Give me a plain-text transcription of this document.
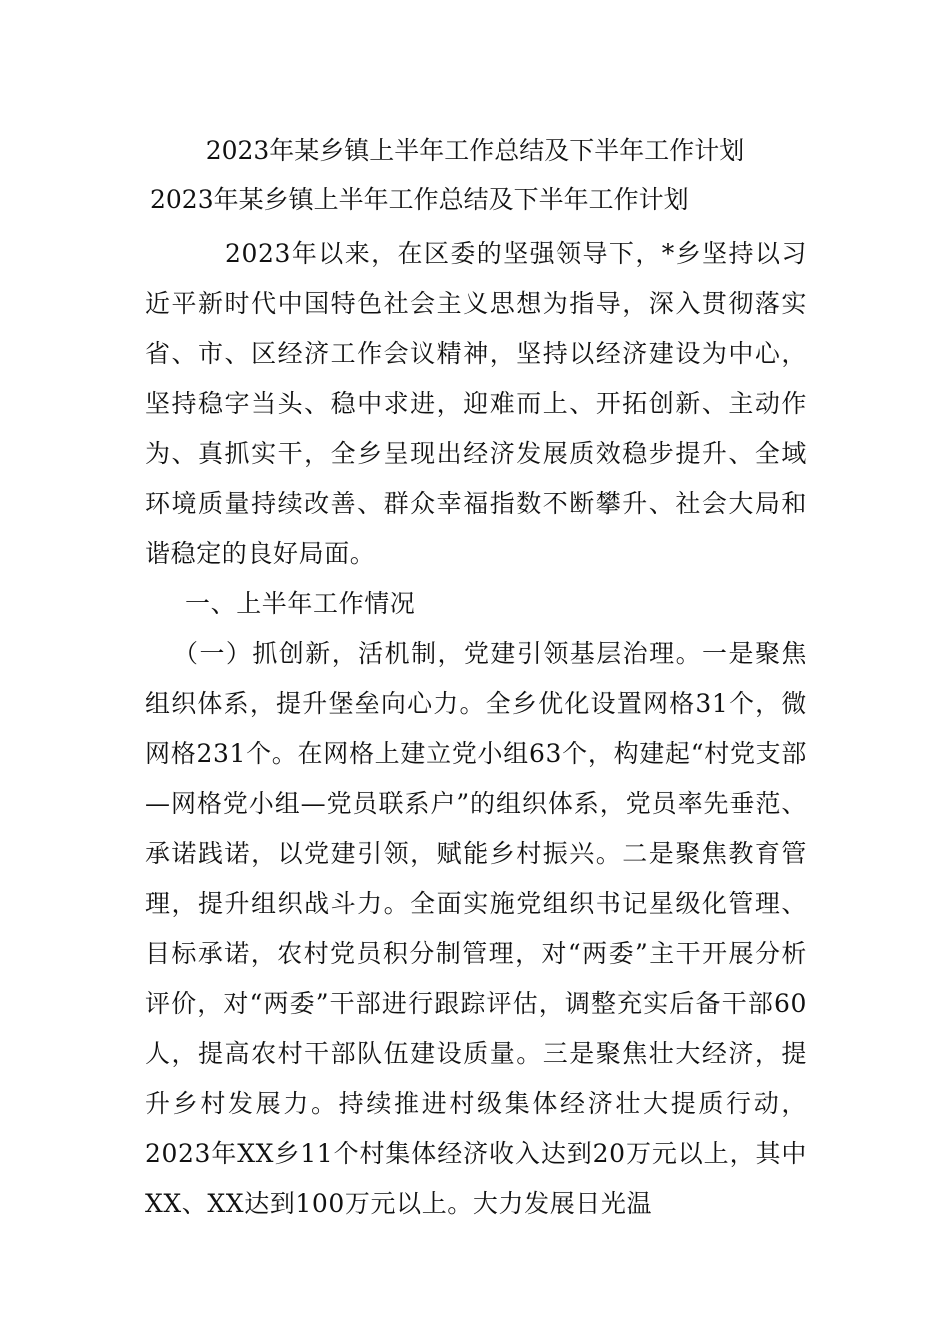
2023年某乡镇上半年工作总结及下半年工作计划
2023年某乡镇上半年工作总结及下半年工作计划

2023年以来，在区委的坚强领导下，*乡坚持以习近平新时代中国特色社会主义思想为指导，深入贯彻落实省、市、区经济工作会议精神，坚持以经济建设为中心，坚持稳字当头、稳中求进，迎难而上、开拓创新、主动作为、真抓实干，全乡呈现出经济发展质效稳步提升、全域环境质量持续改善、群众幸福指数不断攀升、社会大局和谐稳定的良好局面。

一、上半年工作情况

（一）抓创新，活机制，党建引领基层治理。一是聚焦组织体系，提升堡垒向心力。全乡优化设置网格31个，微网格231个。在网格上建立党小组63个，构建起“村党支部—网格党小组—党员联系户”的组织体系，党员率先垂范、承诺践诺，以党建引领，赋能乡村振兴。二是聚焦教育管理，提升组织战斗力。全面实施党组织书记星级化管理、目标承诺，农村党员积分制管理，对“两委”主干开展分析评价，对“两委”干部进行跟踪评估，调整充实后备干部60人，提高农村干部队伍建设质量。三是聚焦壮大经济，提升乡村发展力。持续推进村级集体经济壮大提质行动，2023年XX乡11个村集体经济收入达到20万元以上，其中XX、XX达到100万元以上。大力发展日光温
